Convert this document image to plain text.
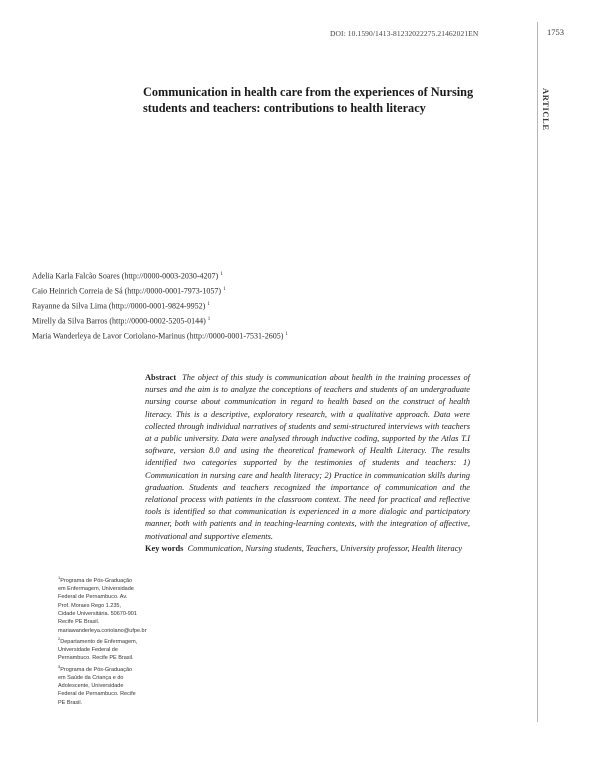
DOI: 10.1590/1413-81232022275.21462021EN	1753
ARTICLE
Communication in health care from the experiences of Nursing students and teachers: contributions to health literacy
Adelia Karla Falcão Soares (http://0000-0003-2030-4207) $^1$
Caio Heinrich Correia de Sá (http://0000-0001-7973-1057) $^1$
Rayanne da Silva Lima (http://0000-0001-9824-9952) $^1$
Mirelly da Silva Barros (http://0000-0002-5205-0144) $^1$
Maria Wanderleya de Lavor Coriolano-Marinus (http://0000-0001-7531-2605) $^1$

$^1$Programa de Pós-Graduação em Enfermagem, Universidade Federal de Pernambuco. Av. Prof. Moraes Rego 1.235, Cidade Universitária. 50670-901 Recife PE Brasil. mariawanderleya.coriolano@ufpe.br

$^2$Departamento de Enfermagem, Universidade Federal de Pernambuco. Recife PE Brasil.

$^3$Programa de Pós-Graduação em Saúde da Criança e do Adolescente, Universidade Federal de Pernambuco. Recife PE Brasil.

Abstract The object of this study is communication about health in the training processes of nurses and the aim is to analyze the conceptions of teachers and students of an undergraduate nursing course about communication in regard to health based on the construct of health literacy. This is a descriptive, exploratory research, with a qualitative approach. Data were collected through individual narratives of students and semi-structured interviews with teachers at a public university. Data were analysed through inductive coding, supported by the Atlas T.I software, version 8.0 and using the theoretical framework of Health Literacy. The results identified two categories supported by the testimonies of students and teachers: 1) Communication in nursing care and health literacy; 2) Practice in communication skills during graduation. Students and teachers recognized the importance of communication and the relational process with patients in the classroom context. The need for practical and reflective tools is identified so that communication is experienced in a more dialogic and participatory manner, both with patients and in teaching-learning contexts, with the integration of affective, motivational and supportive elements.

Key words Communication, Nursing students, Teachers, University professor, Health literacy
